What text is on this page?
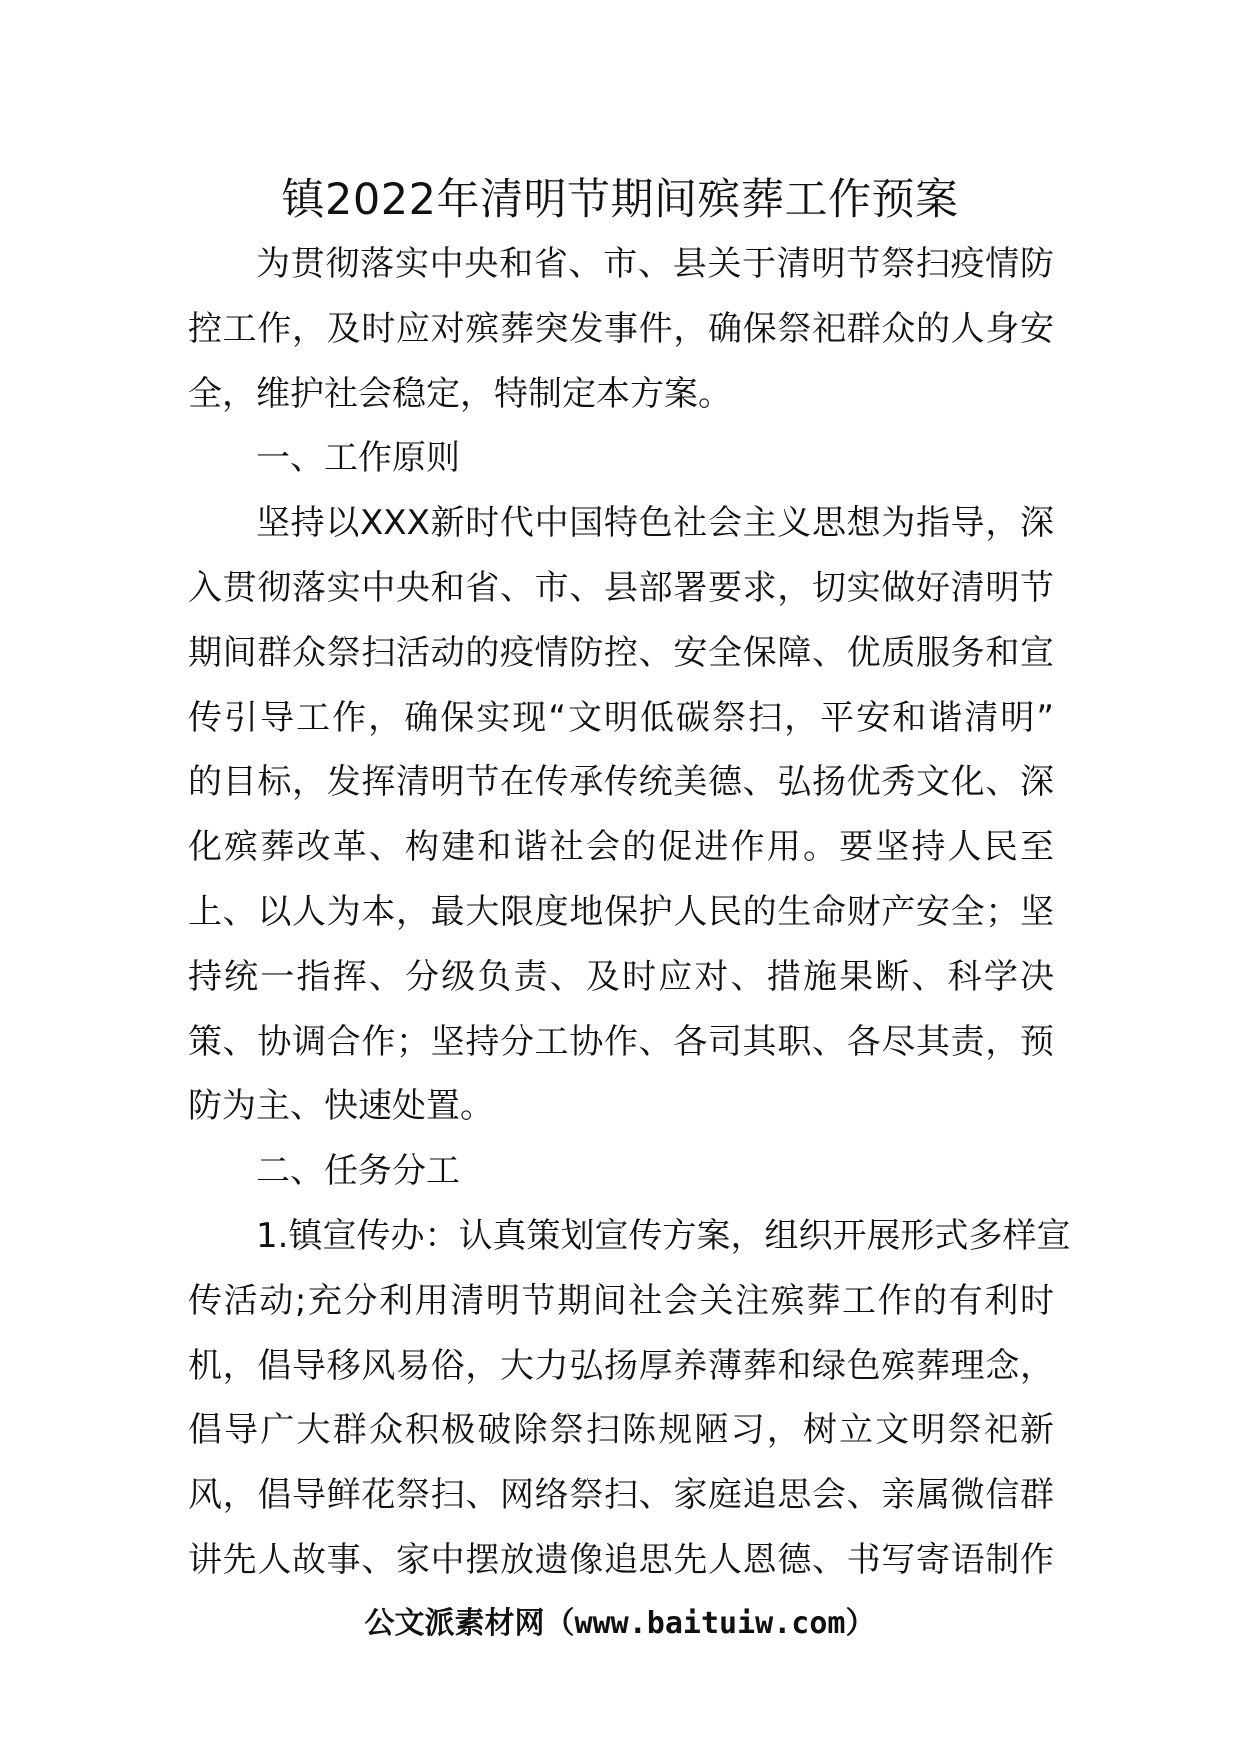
镇2022年清明节期间殡葬工作预案
为贯彻落实中央和省、市、县关于清明节祭扫疫情防
控工作，及时应对殡葬突发事件，确保祭祀群众的人身安
全，维护社会稳定，特制定本方案。
一、工作原则
坚持以XXX新时代中国特色社会主义思想为指导，深
入贯彻落实中央和省、市、县部署要求，切实做好清明节
期间群众祭扫活动的疫情防控、安全保障、优质服务和宣
传引导工作，确保实现“文明低碳祭扫，平安和谐清明”
的目标，发挥清明节在传承传统美德、弘扬优秀文化、深
化殡葬改革、构建和谐社会的促进作用。要坚持人民至
上、以人为本，最大限度地保护人民的生命财产安全；坚
持统一指挥、分级负责、及时应对、措施果断、科学决
策、协调合作；坚持分工协作、各司其职、各尽其责，预
防为主、快速处置。
二、任务分工
1.镇宣传办：认真策划宣传方案，组织开展形式多样宣
传活动;充分利用清明节期间社会关注殡葬工作的有利时
机，倡导移风易俗，大力弘扬厚养薄葬和绿色殡葬理念，
倡导广大群众积极破除祭扫陈规陋习，树立文明祭祀新
风，倡导鲜花祭扫、网络祭扫、家庭追思会、亲属微信群
讲先人故事、家中摆放遗像追思先人恩德、书写寄语制作
公文派素材网（www.baituiw.com）
